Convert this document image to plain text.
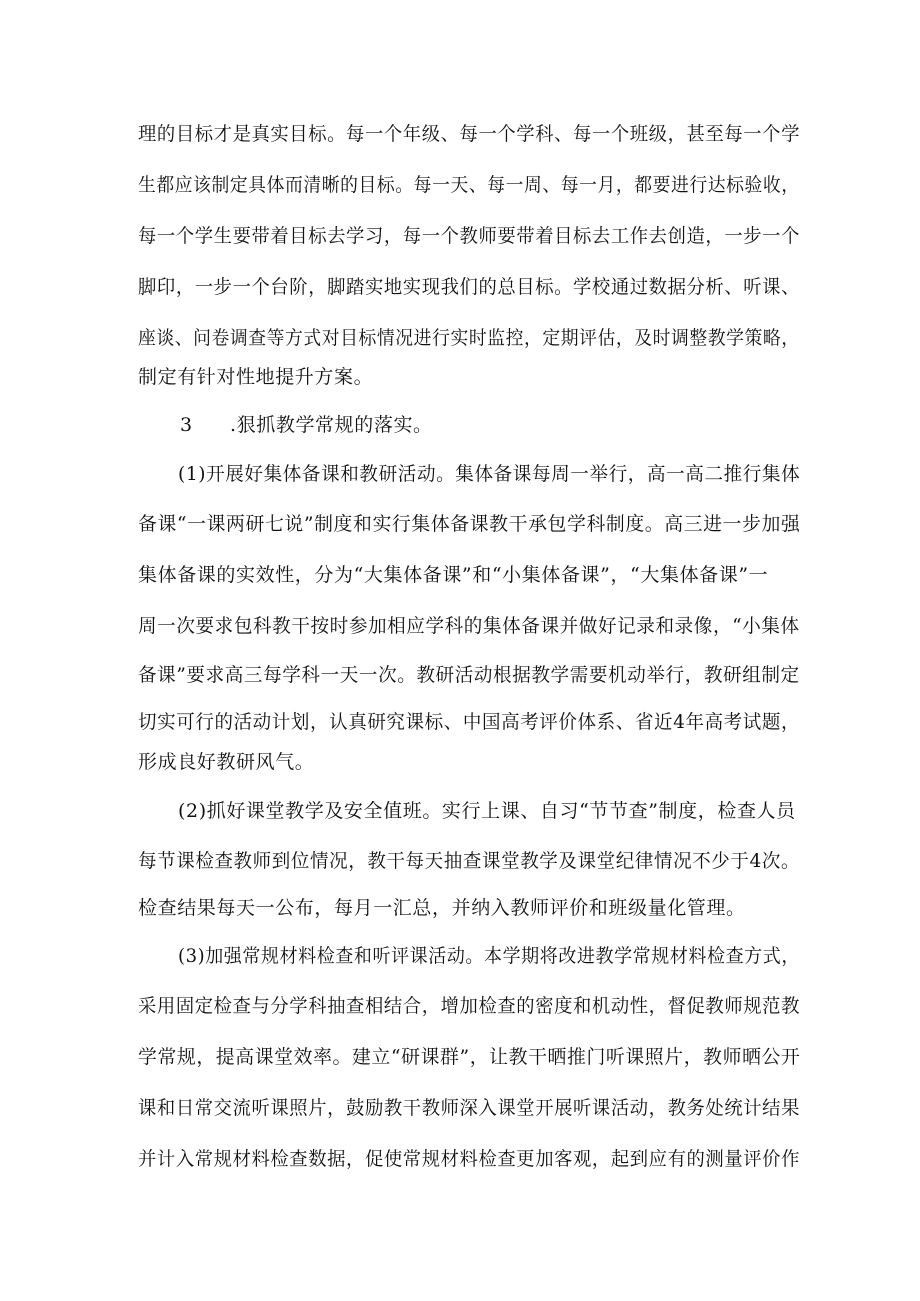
理的目标才是真实目标。每一个年级、每一个学科、每一个班级，甚至每一个学
生都应该制定具体而清晰的目标。每一天、每一周、每一月，都要进行达标验收，
每一个学生要带着目标去学习，每一个教师要带着目标去工作去创造，一步一个
脚印，一步一个台阶，脚踏实地实现我们的总目标。学校通过数据分析、听课、
座谈、问卷调查等方式对目标情况进行实时监控，定期评估，及时调整教学策略，
制定有针对性地提升方案。
3 .狠抓教学常规的落实。
(1)开展好集体备课和教研活动。集体备课每周一举行，高一高二推行集体
备课“一课两研七说”制度和实行集体备课教干承包学科制度。高三进一步加强
集体备课的实效性，分为“大集体备课”和“小集体备课”，“大集体备课”一
周一次要求包科教干按时参加相应学科的集体备课并做好记录和录像，“小集体
备课”要求高三每学科一天一次。教研活动根据教学需要机动举行，教研组制定
切实可行的活动计划，认真研究课标、中国高考评价体系、省近4年高考试题，
形成良好教研风气。
(2)抓好课堂教学及安全值班。实行上课、自习“节节查”制度，检查人员
每节课检查教师到位情况，教干每天抽查课堂教学及课堂纪律情况不少于4次。
检查结果每天一公布，每月一汇总，并纳入教师评价和班级量化管理。
(3)加强常规材料检查和听评课活动。本学期将改进教学常规材料检查方式，
采用固定检查与分学科抽查相结合，增加检查的密度和机动性，督促教师规范教
学常规，提高课堂效率。建立“研课群”，让教干晒推门听课照片，教师晒公开
课和日常交流听课照片，鼓励教干教师深入课堂开展听课活动，教务处统计结果
并计入常规材料检查数据，促使常规材料检查更加客观，起到应有的测量评价作
